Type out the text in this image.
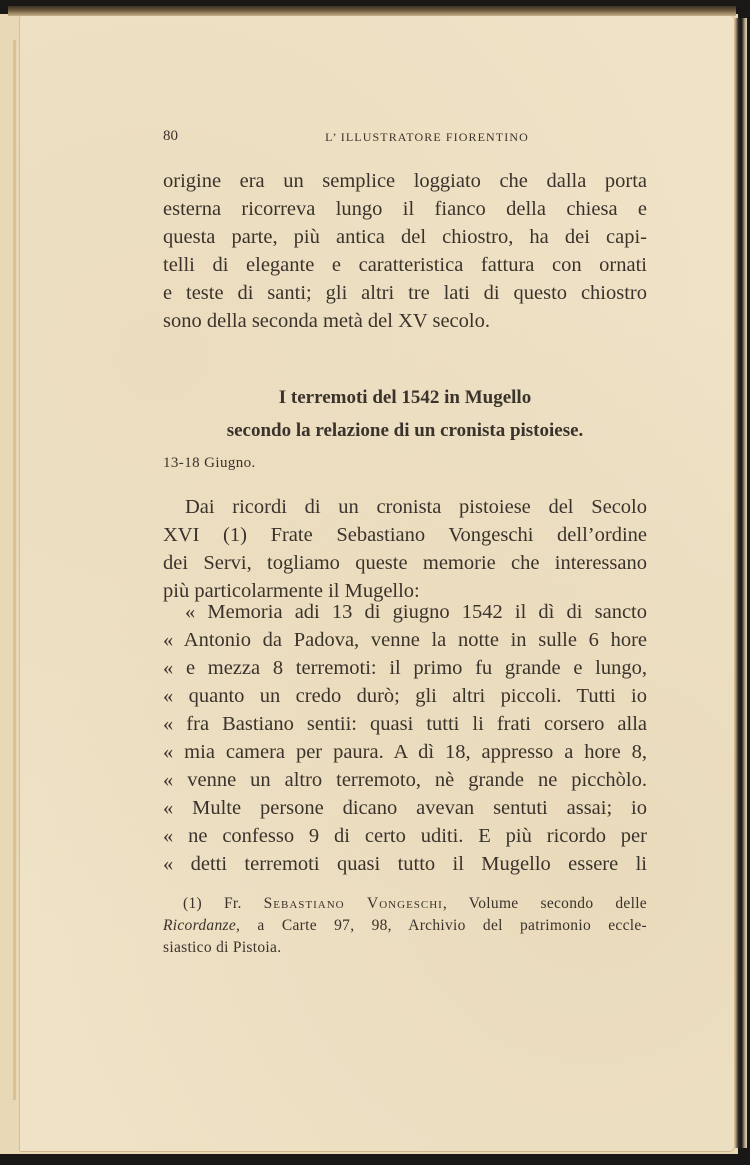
80	L’ ILLUSTRATORE FIORENTINO
origine era un semplice loggiato che dalla porta
esterna ricorreva lungo il fianco della chiesa e
questa parte, più antica del chiostro, ha dei capi-
telli di elegante e caratteristica fattura con ornati
e teste di santi; gli altri tre lati di questo chiostro
sono della seconda metà del XV secolo.
I terremoti del 1542 in Mugello
secondo la relazione di un cronista pistoiese.
13-18 Giugno.
Dai ricordi di un cronista pistoiese del Secolo
XVI (1) Frate Sebastiano Vongeschi dell’ordine
dei Servi, togliamo queste memorie che interessano
più particolarmente il Mugello:
« Memoria adi 13 di giugno 1542 il dì di sancto
« Antonio da Padova, venne la notte in sulle 6 hore
« e mezza 8 terremoti: il primo fu grande e lungo,
« quanto un credo durò; gli altri piccoli. Tutti io
« fra Bastiano sentii: quasi tutti li frati corsero alla
« mia camera per paura. A dì 18, appresso a hore 8,
« venne un altro terremoto, nè grande ne picchòlo.
« Multe persone dicano avevan sentuti assai; io
« ne confesso 9 di certo uditi. E più ricordo per
« detti terremoti quasi tutto il Mugello essere li
(1) Fr. Sebastiano Vongeschi, Volume secondo delle
Ricordanze, a Carte 97, 98, Archivio del patrimonio eccle-
siastico di Pistoia.
